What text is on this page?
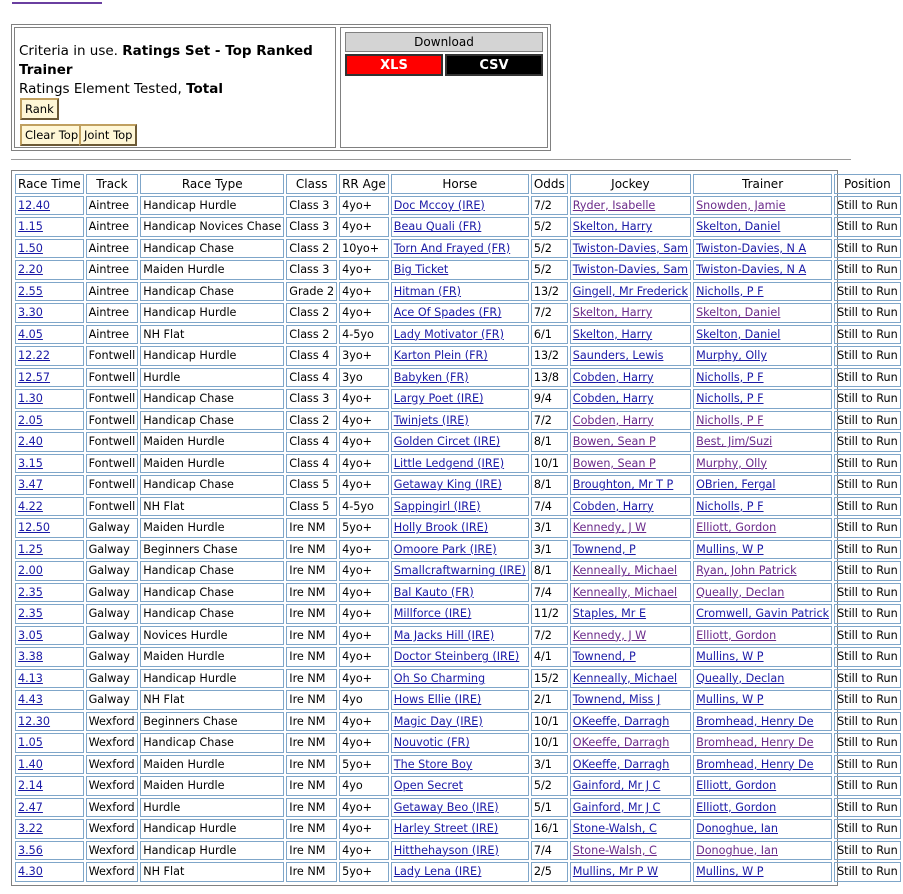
Criteria in use. Ratings Set - Top Ranked Trainer
Ratings Element Tested, Total
Rank
Clear Top Joint Top
Download
XLS	CSV
Race Time	Track	Race Type	Class	RR Age	Horse	Odds	Jockey	Trainer	Position
12.40	Aintree	Handicap Hurdle	Class 3	4yo+	Doc Mccoy (IRE)	7/2	Ryder, Isabelle	Snowden, Jamie	Still to Run
1.15	Aintree	Handicap Novices Chase	Class 3	4yo+	Beau Quali (FR)	5/2	Skelton, Harry	Skelton, Daniel	Still to Run
1.50	Aintree	Handicap Chase	Class 2	10yo+	Torn And Frayed (FR)	5/2	Twiston-Davies, Sam	Twiston-Davies, N A	Still to Run
2.20	Aintree	Maiden Hurdle	Class 3	4yo+	Big Ticket	5/2	Twiston-Davies, Sam	Twiston-Davies, N A	Still to Run
2.55	Aintree	Handicap Chase	Grade 2	4yo+	Hitman (FR)	13/2	Gingell, Mr Frederick	Nicholls, P F	Still to Run
3.30	Aintree	Handicap Hurdle	Class 2	4yo+	Ace Of Spades (FR)	7/2	Skelton, Harry	Skelton, Daniel	Still to Run
4.05	Aintree	NH Flat	Class 2	4-5yo	Lady Motivator (FR)	6/1	Skelton, Harry	Skelton, Daniel	Still to Run
12.22	Fontwell	Handicap Hurdle	Class 4	3yo+	Karton Plein (FR)	13/2	Saunders, Lewis	Murphy, Olly	Still to Run
12.57	Fontwell	Hurdle	Class 4	3yo	Babyken (FR)	13/8	Cobden, Harry	Nicholls, P F	Still to Run
1.30	Fontwell	Handicap Chase	Class 3	4yo+	Largy Poet (IRE)	9/4	Cobden, Harry	Nicholls, P F	Still to Run
2.05	Fontwell	Handicap Chase	Class 2	4yo+	Twinjets (IRE)	7/2	Cobden, Harry	Nicholls, P F	Still to Run
2.40	Fontwell	Maiden Hurdle	Class 4	4yo+	Golden Circet (IRE)	8/1	Bowen, Sean P	Best, Jim/Suzi	Still to Run
3.15	Fontwell	Maiden Hurdle	Class 4	4yo+	Little Ledgend (IRE)	10/1	Bowen, Sean P	Murphy, Olly	Still to Run
3.47	Fontwell	Handicap Chase	Class 5	4yo+	Getaway King (IRE)	8/1	Broughton, Mr T P	OBrien, Fergal	Still to Run
4.22	Fontwell	NH Flat	Class 5	4-5yo	Sappingirl (IRE)	7/4	Cobden, Harry	Nicholls, P F	Still to Run
12.50	Galway	Maiden Hurdle	Ire NM	5yo+	Holly Brook (IRE)	3/1	Kennedy, J W	Elliott, Gordon	Still to Run
1.25	Galway	Beginners Chase	Ire NM	4yo+	Omoore Park (IRE)	3/1	Townend, P	Mullins, W P	Still to Run
2.00	Galway	Handicap Chase	Ire NM	4yo+	Smallcraftwarning (IRE)	8/1	Kenneally, Michael	Ryan, John Patrick	Still to Run
2.35	Galway	Handicap Chase	Ire NM	4yo+	Bal Kauto (FR)	7/4	Kenneally, Michael	Queally, Declan	Still to Run
2.35	Galway	Handicap Chase	Ire NM	4yo+	Millforce (IRE)	11/2	Staples, Mr E	Cromwell, Gavin Patrick	Still to Run
3.05	Galway	Novices Hurdle	Ire NM	4yo+	Ma Jacks Hill (IRE)	7/2	Kennedy, J W	Elliott, Gordon	Still to Run
3.38	Galway	Maiden Hurdle	Ire NM	4yo+	Doctor Steinberg (IRE)	4/1	Townend, P	Mullins, W P	Still to Run
4.13	Galway	Handicap Hurdle	Ire NM	4yo+	Oh So Charming	15/2	Kenneally, Michael	Queally, Declan	Still to Run
4.43	Galway	NH Flat	Ire NM	4yo	Hows Ellie (IRE)	2/1	Townend, Miss J	Mullins, W P	Still to Run
12.30	Wexford	Beginners Chase	Ire NM	4yo+	Magic Day (IRE)	10/1	OKeeffe, Darragh	Bromhead, Henry De	Still to Run
1.05	Wexford	Handicap Chase	Ire NM	4yo+	Nouvotic (FR)	10/1	OKeeffe, Darragh	Bromhead, Henry De	Still to Run
1.40	Wexford	Maiden Hurdle	Ire NM	5yo+	The Store Boy	3/1	OKeeffe, Darragh	Bromhead, Henry De	Still to Run
2.14	Wexford	Maiden Hurdle	Ire NM	4yo	Open Secret	5/2	Gainford, Mr J C	Elliott, Gordon	Still to Run
2.47	Wexford	Hurdle	Ire NM	4yo+	Getaway Beo (IRE)	5/1	Gainford, Mr J C	Elliott, Gordon	Still to Run
3.22	Wexford	Handicap Hurdle	Ire NM	4yo+	Harley Street (IRE)	16/1	Stone-Walsh, C	Donoghue, Ian	Still to Run
3.56	Wexford	Handicap Hurdle	Ire NM	4yo+	Hitthehayson (IRE)	7/4	Stone-Walsh, C	Donoghue, Ian	Still to Run
4.30	Wexford	NH Flat	Ire NM	5yo+	Lady Lena (IRE)	2/5	Mullins, Mr P W	Mullins, W P	Still to Run
